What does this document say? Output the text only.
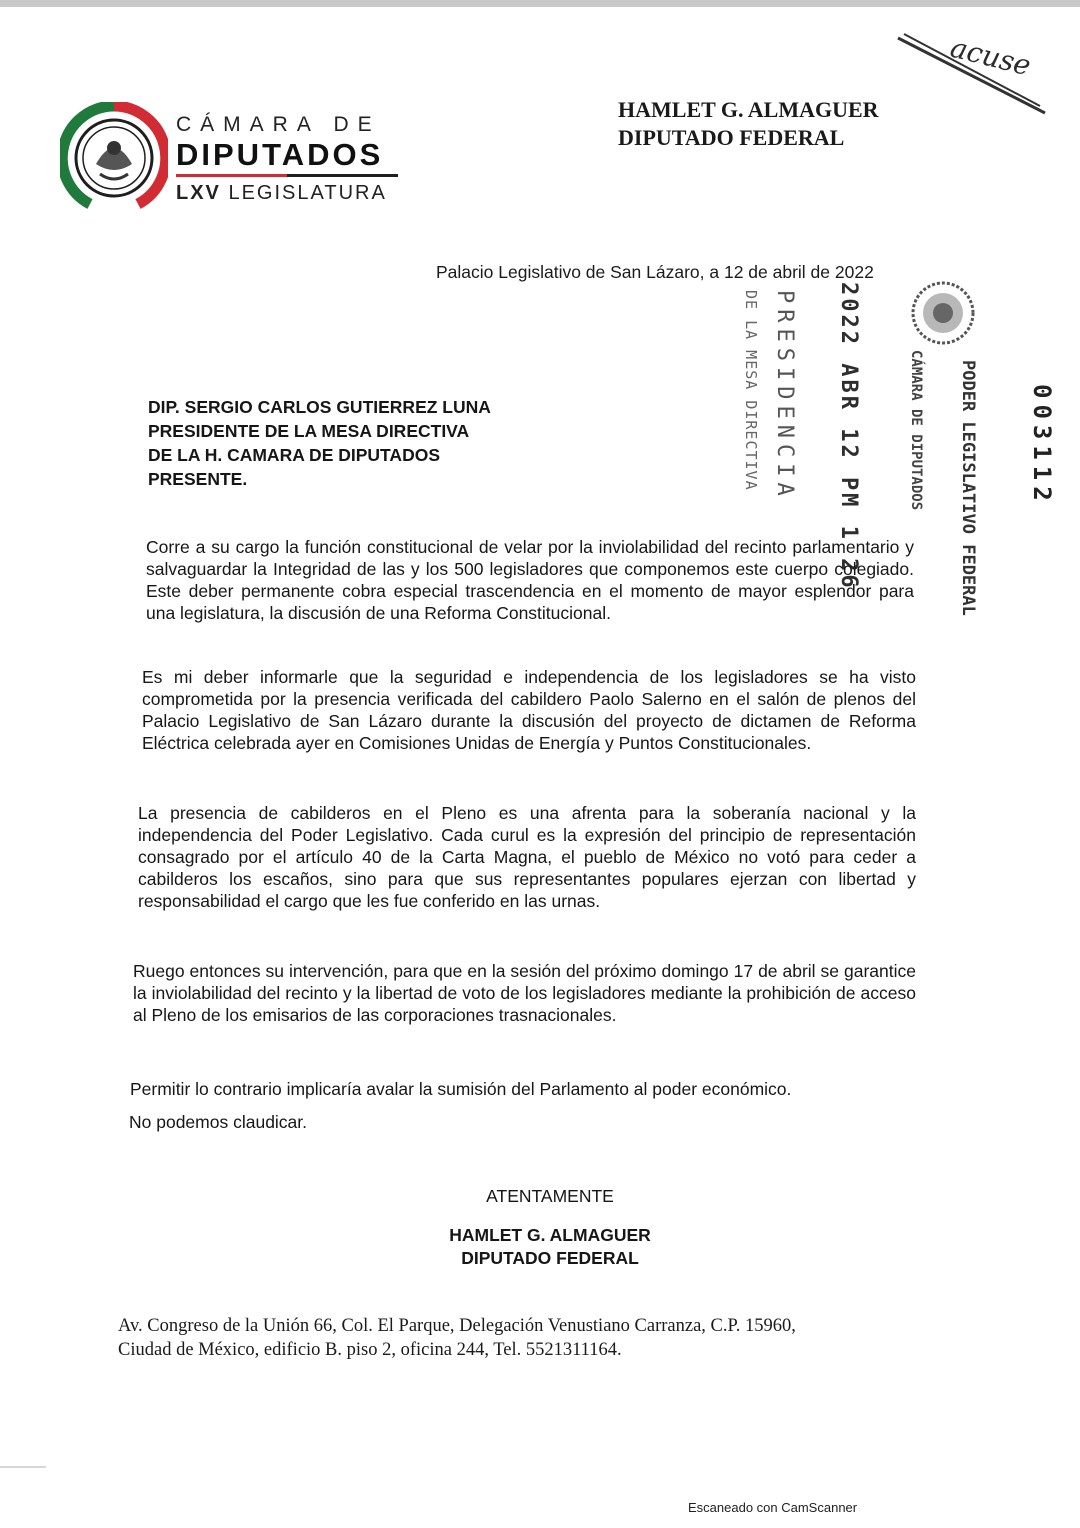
CÁMARA DE
DIPUTADOS
LXV LEGISLATURA
HAMLET G. ALMAGUER
DIPUTADO FEDERAL
acuse
Palacio Legislativo de San Lázaro, a 12 de abril de 2022
DE LA MESA DIRECTIVA PRESIDENCIA 2022 ABR 12 PM 1 26	CÁMARA DE DIPUTADOS PODER LEGISLATIVO FEDERAL 003112
DIP. SERGIO CARLOS GUTIERREZ LUNA
PRESIDENTE DE LA MESA DIRECTIVA
DE LA H. CAMARA DE DIPUTADOS
PRESENTE.
Corre a su cargo la función constitucional de velar por la inviolabilidad del recinto parlamentario y salvaguardar la Integridad de las y los 500 legisladores que componemos este cuerpo colegiado. Este deber permanente cobra especial trascendencia en el momento de mayor esplendor para una legislatura, la discusión de una Reforma Constitucional.
Es mi deber informarle que la seguridad e independencia de los legisladores se ha visto comprometida por la presencia verificada del cabildero Paolo Salerno en el salón de plenos del Palacio Legislativo de San Lázaro durante la discusión del proyecto de dictamen de Reforma Eléctrica celebrada ayer en Comisiones Unidas de Energía y Puntos Constitucionales.
La presencia de cabilderos en el Pleno es una afrenta para la soberanía nacional y la independencia del Poder Legislativo. Cada curul es la expresión del principio de representación consagrado por el artículo 40 de la Carta Magna, el pueblo de México no votó para ceder a cabilderos los escaños, sino para que sus representantes populares ejerzan con libertad y responsabilidad el cargo que les fue conferido en las urnas.
Ruego entonces su intervención, para que en la sesión del próximo domingo 17 de abril se garantice la inviolabilidad del recinto y la libertad de voto de los legisladores mediante la prohibición de acceso al Pleno de los emisarios de las corporaciones trasnacionales.
Permitir lo contrario implicaría avalar la sumisión del Parlamento al poder económico.
No podemos claudicar.
ATENTAMENTE
HAMLET G. ALMAGUER
DIPUTADO FEDERAL
Av. Congreso de la Unión 66, Col. El Parque, Delegación Venustiano Carranza, C.P. 15960,
Ciudad de México, edificio B. piso 2, oficina 244, Tel. 5521311164.
Escaneado con CamScanner
